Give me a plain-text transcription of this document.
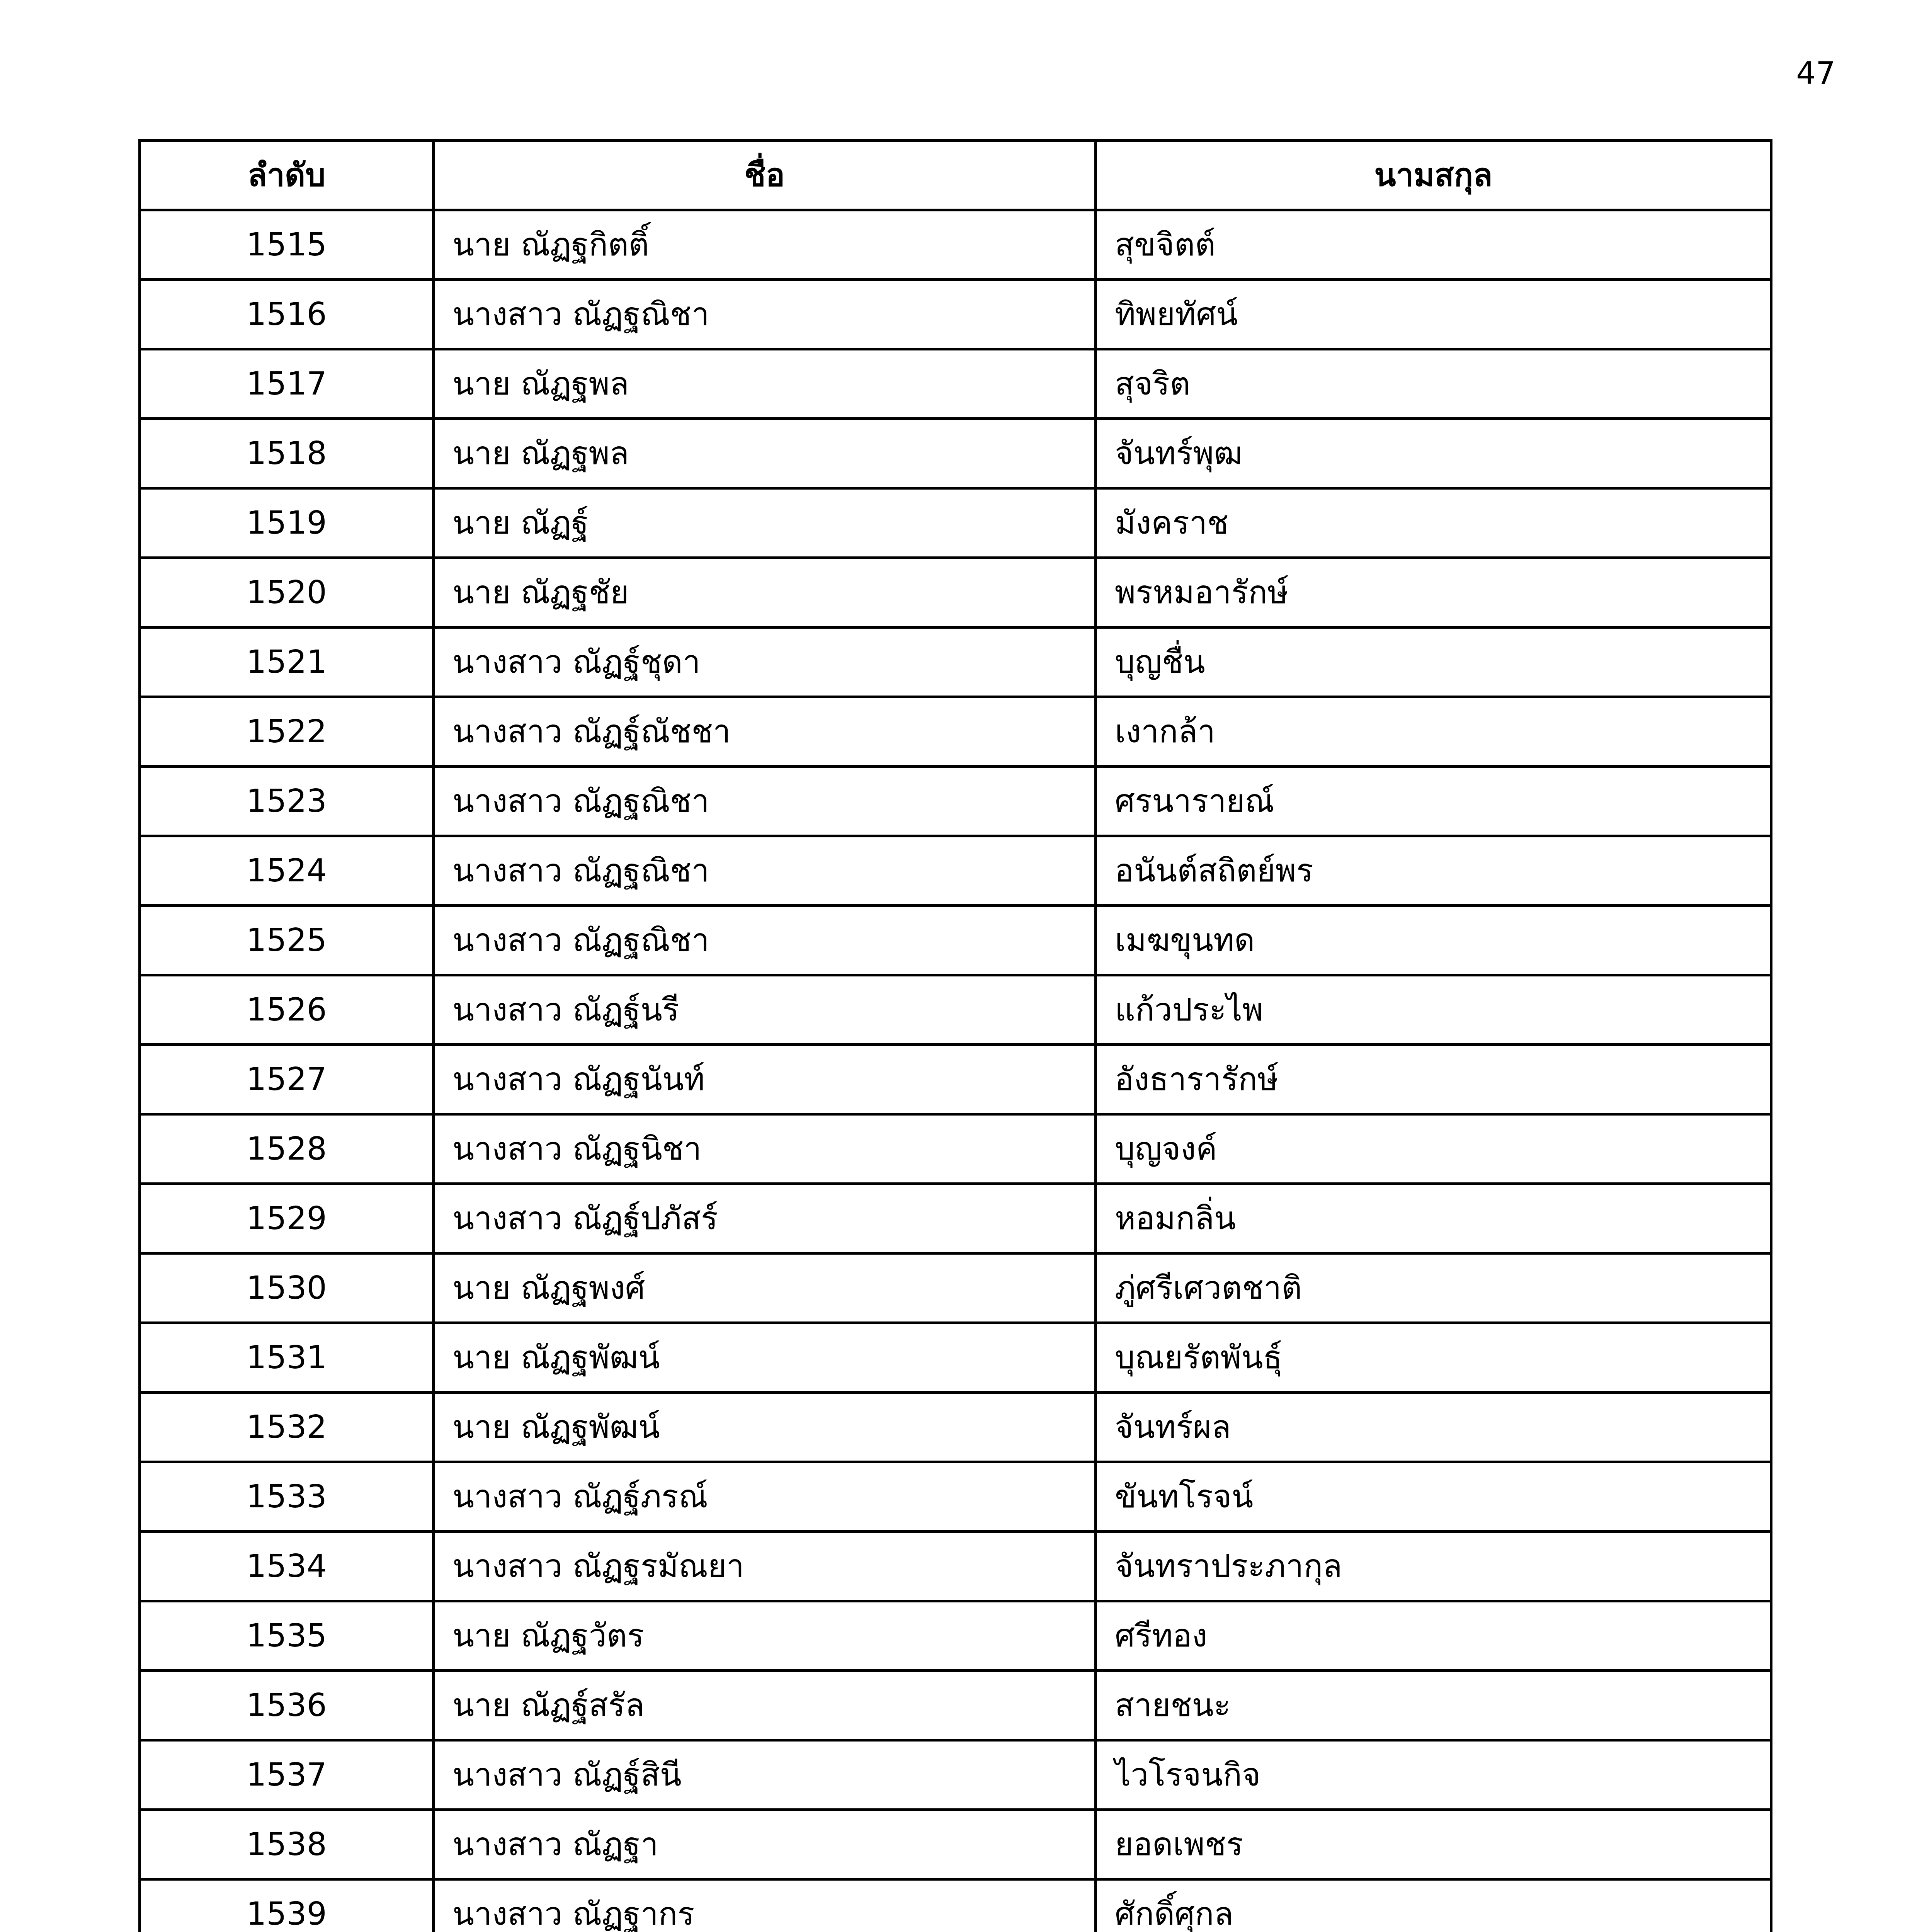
47
ลำดับ	ชื่อ	นามสกุล
1515	นาย ณัฏฐกิตติ์	สุขจิตต์
1516	นางสาว ณัฏฐณิชา	ทิพยทัศน์
1517	นาย ณัฏฐพล	สุจริต
1518	นาย ณัฏฐพล	จันทร์พุฒ
1519	นาย ณัฏฐ์	มังคราช
1520	นาย ณัฏฐชัย	พรหมอารักษ์
1521	นางสาว ณัฏฐ์ชุดา	บุญชื่น
1522	นางสาว ณัฏฐ์ณัชชา	เงากล้า
1523	นางสาว ณัฏฐณิชา	ศรนารายณ์
1524	นางสาว ณัฏฐณิชา	อนันต์สถิตย์พร
1525	นางสาว ณัฏฐณิชา	เมฆขุนทด
1526	นางสาว ณัฏฐ์นรี	แก้วประไพ
1527	นางสาว ณัฏฐนันท์	อังธารารักษ์
1528	นางสาว ณัฏฐนิชา	บุญจงค์
1529	นางสาว ณัฏฐ์ปภัสร์	หอมกลิ่น
1530	นาย ณัฏฐพงศ์	ภู่ศรีเศวตชาติ
1531	นาย ณัฏฐพัฒน์	บุณยรัตพันธุ์
1532	นาย ณัฏฐพัฒน์	จันทร์ผล
1533	นางสาว ณัฏฐ์ภรณ์	ขันทโรจน์
1534	นางสาว ณัฏฐรมัณยา	จันทราประภากุล
1535	นาย ณัฏฐวัตร	ศรีทอง
1536	นาย ณัฏฐ์สรัล	สายชนะ
1537	นางสาว ณัฏฐ์สินี	ไวโรจนกิจ
1538	นางสาว ณัฏฐา	ยอดเพชร
1539	นางสาว ณัฏฐากร	ศักดิ์ศุกล
